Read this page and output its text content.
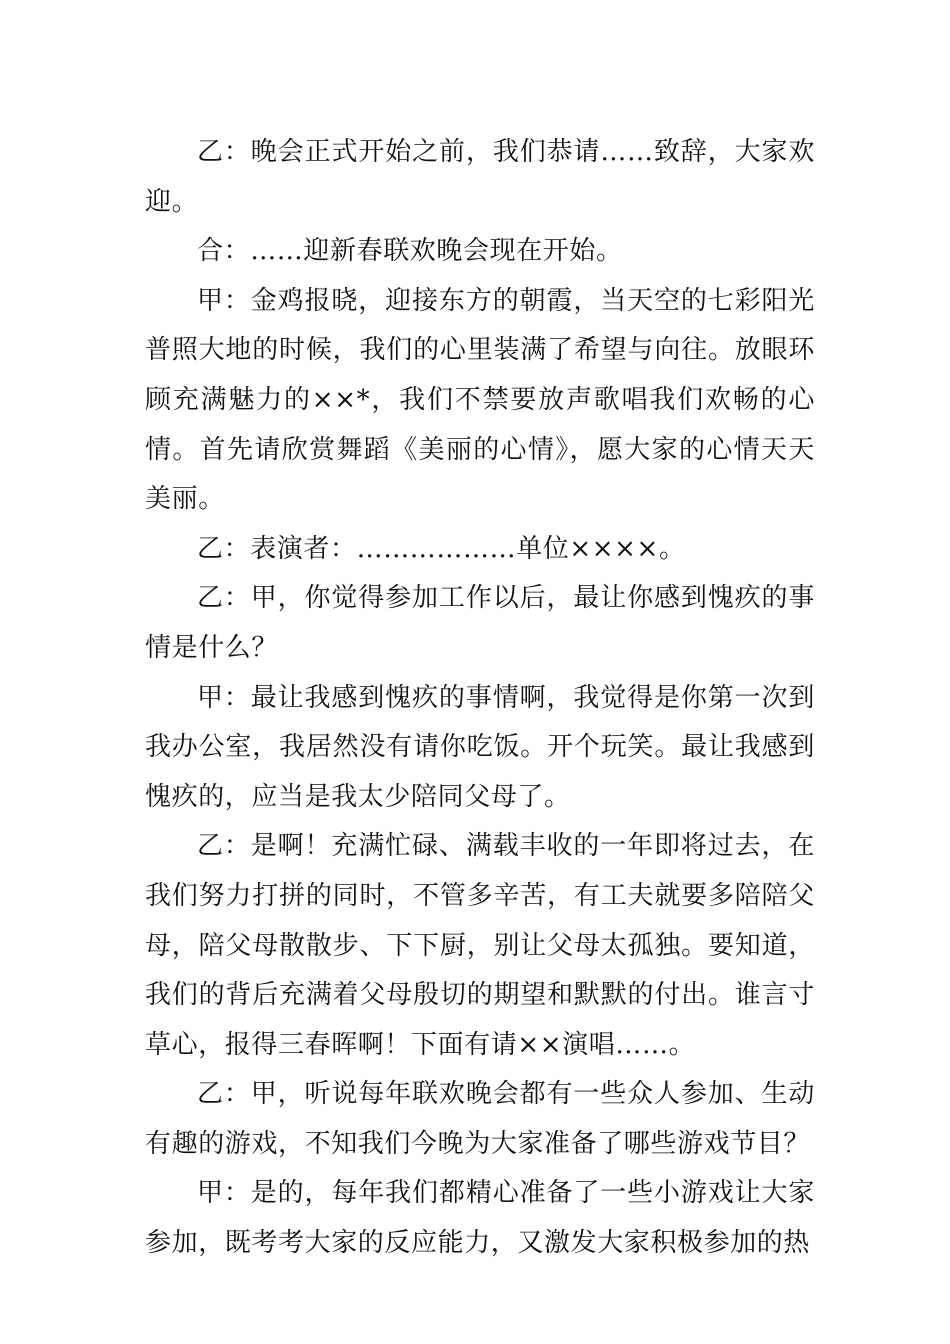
乙：晚会正式开始之前，我们恭请……致辞，大家欢迎。

合：……迎新春联欢晚会现在开始。

甲：金鸡报晓，迎接东方的朝霞，当天空的七彩阳光普照大地的时候，我们的心里装满了希望与向往。放眼环顾充满魅力的××*，我们不禁要放声歌唱我们欢畅的心情。首先请欣赏舞蹈《美丽的心情》，愿大家的心情天天美丽。

乙：表演者：………………单位××××。

乙：甲，你觉得参加工作以后，最让你感到愧疚的事情是什么？

甲：最让我感到愧疚的事情啊，我觉得是你第一次到我办公室，我居然没有请你吃饭。开个玩笑。最让我感到愧疚的，应当是我太少陪同父母了。

乙：是啊！充满忙碌、满载丰收的一年即将过去，在我们努力打拼的同时，不管多辛苦，有工夫就要多陪陪父母，陪父母散散步、下下厨，别让父母太孤独。要知道，我们的背后充满着父母殷切的期望和默默的付出。谁言寸草心，报得三春晖啊！下面有请××演唱……。

乙：甲，听说每年联欢晚会都有一些众人参加、生动有趣的游戏，不知我们今晚为大家准备了哪些游戏节目？

甲：是的，每年我们都精心准备了一些小游戏让大家参加，既考考大家的反应能力，又激发大家积极参加的热
